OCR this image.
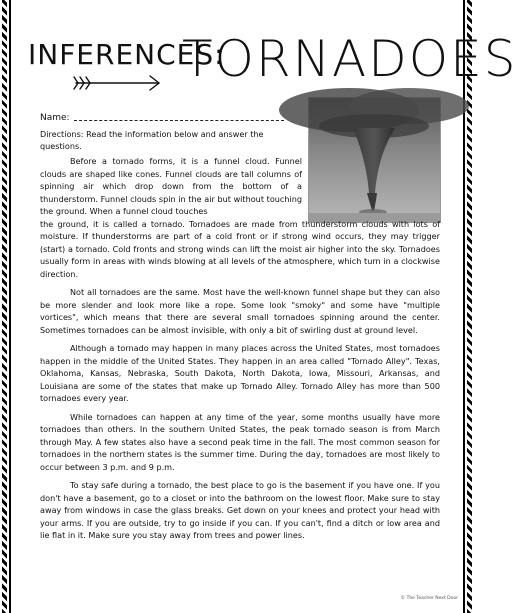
INFERENCES:
TORNADOES
Name:
Directions: Read the information below and answer the questions.

Before a tornado forms, it is a funnel cloud. Funnel clouds are shaped like cones. Funnel clouds are tall columns of spinning air which drop down from the bottom of a thunderstorm. Funnel clouds spin in the air but without touching the ground. When a funnel cloud touches

the ground, it is called a tornado. Tornadoes are made from thunderstorm clouds with lots of moisture. If thunderstorms are part of a cold front or if strong wind occurs, they may trigger (start) a tornado. Cold fronts and strong winds can lift the moist air higher into the sky. Tornadoes usually form in areas with winds blowing at all levels of the atmosphere, which turn in a clockwise direction.

Not all tornadoes are the same. Most have the well-known funnel shape but they can also be more slender and look more like a rope. Some look "smoky" and some have "multiple vortices", which means that there are several small tornadoes spinning around the center. Sometimes tornadoes can be almost invisible, with only a bit of swirling dust at ground level.

Although a tornado may happen in many places across the United States, most tornadoes happen in the middle of the United States. They happen in an area called "Tornado Alley". Texas, Oklahoma, Kansas, Nebraska, South Dakota, North Dakota, Iowa, Missouri, Arkansas, and Louisiana are some of the states that make up Tornado Alley. Tornado Alley has more than 500 tornadoes every year.

While tornadoes can happen at any time of the year, some months usually have more tornadoes than others. In the southern United States, the peak tornado season is from March through May. A few states also have a second peak time in the fall. The most common season for tornadoes in the northern states is the summer time. During the day, tornadoes are most likely to occur between 3 p.m. and 9 p.m.

To stay safe during a tornado, the best place to go is the basement if you have one. If you don't have a basement, go to a closet or into the bathroom on the lowest floor. Make sure to stay away from windows in case the glass breaks. Get down on your knees and protect your head with your arms. If you are outside, try to go inside if you can. If you can't, find a ditch or low area and lie flat in it. Make sure you stay away from trees and power lines.

© The Teacher Next Door
